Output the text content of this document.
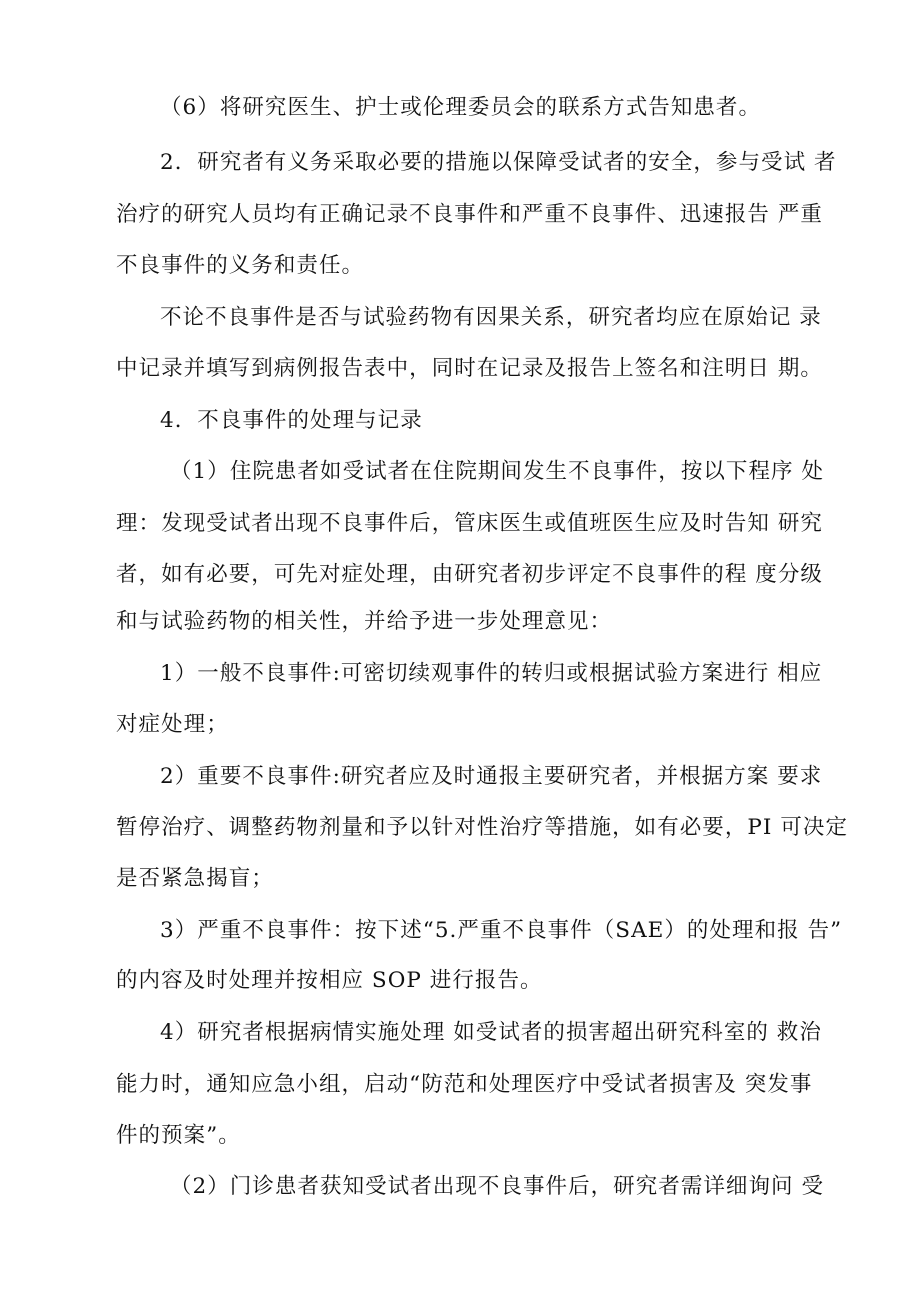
（6）将研究医生、护士或伦理委员会的联系方式告知患者。
2．研究者有义务采取必要的措施以保障受试者的安全，参与受试 者
治疗的研究人员均有正确记录不良事件和严重不良事件、迅速报告 严重
不良事件的义务和责任。
不论不良事件是否与试验药物有因果关系，研究者均应在原始记 录
中记录并填写到病例报告表中，同时在记录及报告上签名和注明日 期。
4．不良事件的处理与记录
（1）住院患者如受试者在住院期间发生不良事件，按以下程序 处
理：发现受试者出现不良事件后，管床医生或值班医生应及时告知 研究
者，如有必要，可先对症处理，由研究者初步评定不良事件的程 度分级
和与试验药物的相关性，并给予进一步处理意见：
1）一般不良事件:可密切续观事件的转归或根据试验方案进行 相应
对症处理；
2）重要不良事件:研究者应及时通报主要研究者，并根据方案 要求
暂停治疗、调整药物剂量和予以针对性治疗等措施，如有必要，PI 可决定
是否紧急揭盲；
3）严重不良事件：按下述“5.严重不良事件（SAE）的处理和报 告”
的内容及时处理并按相应 SOP 进行报告。
4）研究者根据病情实施处理 如受试者的损害超出研究科室的 救治
能力时，通知应急小组，启动“防范和处理医疗中受试者损害及 突发事
件的预案”。
（2）门诊患者获知受试者出现不良事件后，研究者需详细询问 受
